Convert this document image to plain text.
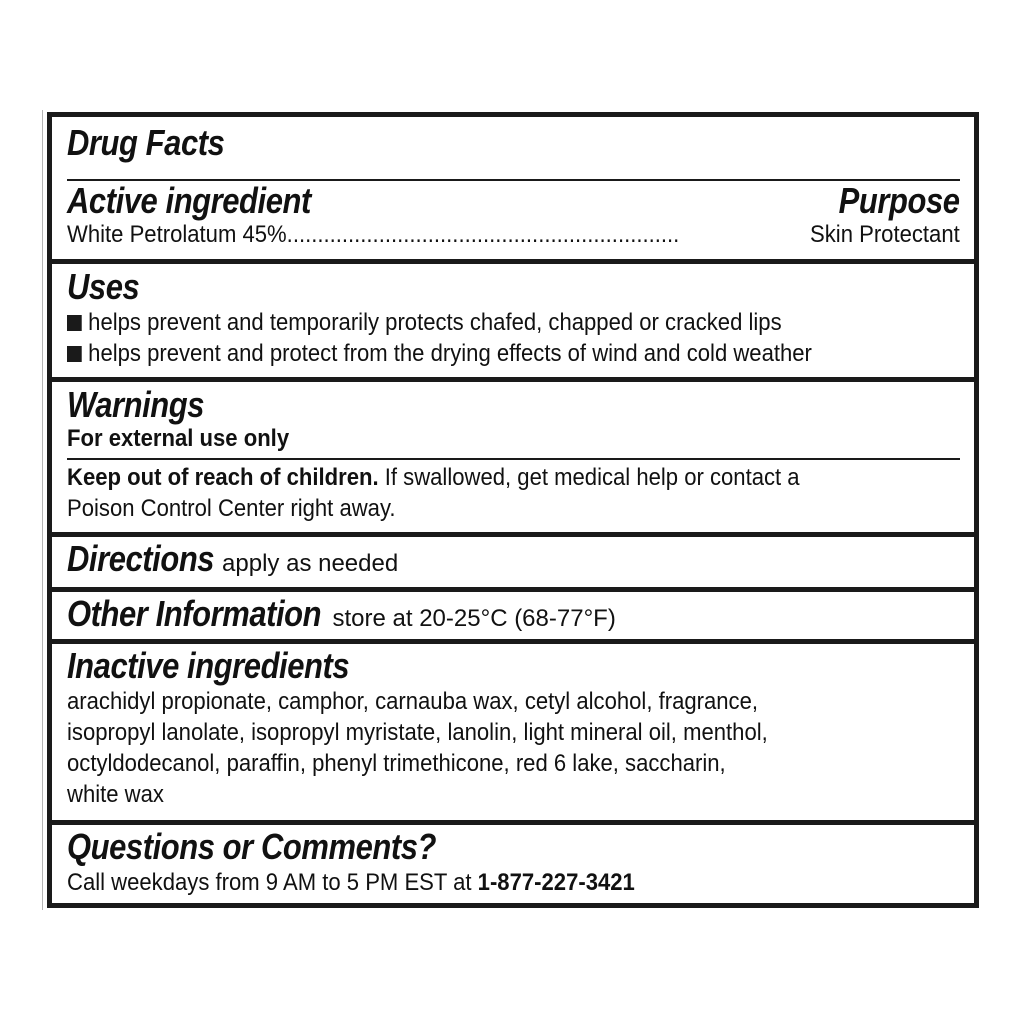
Drug Facts
Active ingredient	Purpose
White Petrolatum 45%................................................................	Skin Protectant
Uses
helps prevent and temporarily protects chafed, chapped or cracked lips
helps prevent and protect from the drying effects of wind and cold weather
Warnings
For external use only
Keep out of reach of children. If swallowed, get medical help or contact a
Poison Control Center right away.
Directions apply as needed
Other Information store at 20-25°C (68-77°F)
Inactive ingredients
arachidyl propionate, camphor, carnauba wax, cetyl alcohol, fragrance,
isopropyl lanolate, isopropyl myristate, lanolin, light mineral oil, menthol,
octyldodecanol, paraffin, phenyl trimethicone, red 6 lake, saccharin,
white wax
Questions or Comments?
Call weekdays from 9 AM to 5 PM EST at 1-877-227-3421
